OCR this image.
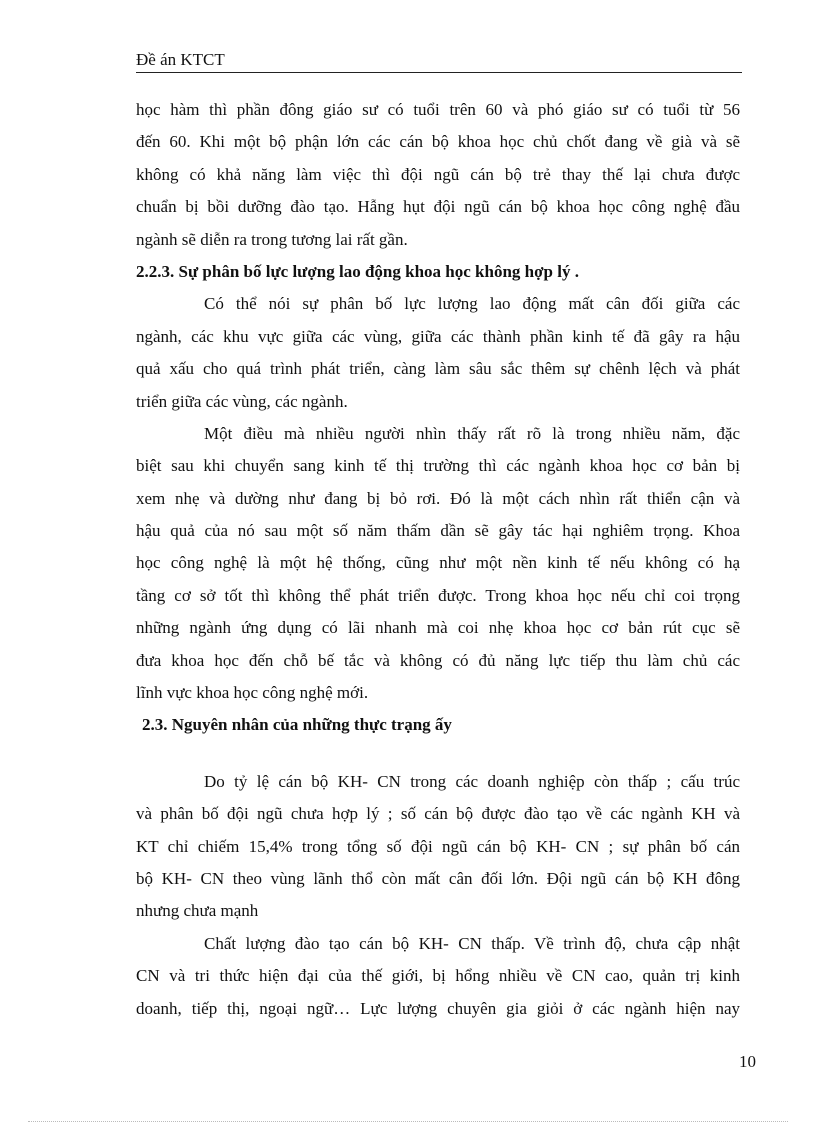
Đề án KTCT
học hàm thì phần đông giáo sư có tuổi trên 60 và phó giáo sư có tuổi từ 56
đến 60. Khi một bộ phận lớn các cán bộ khoa học chủ chốt đang về già và sẽ
không có khả năng làm việc thì đội ngũ cán bộ trẻ thay thế lại chưa được
chuẩn bị bồi dưỡng đào tạo. Hẫng hụt đội ngũ cán bộ khoa học công nghệ đầu
ngành sẽ diễn ra trong tương lai rất gần.
2.2.3. Sự phân bố lực lượng lao động khoa học không hợp lý .
Có thể nói sự phân bố lực lượng lao động mất cân đối giữa các
ngành, các khu vực giữa các vùng, giữa các thành phần kinh tế đã gây ra hậu
quả xấu cho quá trình phát triển, càng làm sâu sắc thêm sự chênh lệch và phát
triển giữa các vùng, các ngành.
Một điều mà nhiều người nhìn thấy rất rõ là trong nhiều năm, đặc
biệt sau khi chuyển sang kinh tế thị trường thì các ngành khoa học cơ bản bị
xem nhẹ và dường như đang bị bỏ rơi. Đó là một cách nhìn rất thiển cận và
hậu quả của nó sau một số năm thấm dần sẽ gây tác hại nghiêm trọng. Khoa
học công nghệ là một hệ thống, cũng như một nền kinh tế nếu không có hạ
tầng cơ sở tốt thì không thể phát triển được. Trong khoa học nếu chỉ coi trọng
những ngành ứng dụng có lãi nhanh mà coi nhẹ khoa học cơ bản rút cục sẽ
đưa khoa học đến chỗ bế tắc và không có đủ năng lực tiếp thu làm chủ các
lĩnh vực khoa học công nghệ mới.
2.3. Nguyên nhân của những thực trạng ấy
Do tỷ lệ cán bộ KH- CN trong các doanh nghiệp còn thấp ; cấu trúc
và phân bố đội ngũ chưa hợp lý ; số cán bộ được đào tạo về các ngành KH và
KT chỉ chiếm 15,4% trong tổng số đội ngũ cán bộ KH- CN ; sự phân bố cán
bộ KH- CN theo vùng lãnh thổ còn mất cân đối lớn. Đội ngũ cán bộ KH đông
nhưng chưa mạnh
Chất lượng đào tạo cán bộ KH- CN thấp. Về trình độ, chưa cập nhật
CN và tri thức hiện đại của thế giới, bị hổng nhiều về CN cao, quản trị kinh
doanh, tiếp thị, ngoại ngữ… Lực lượng chuyên gia giỏi ở các ngành hiện nay
10
